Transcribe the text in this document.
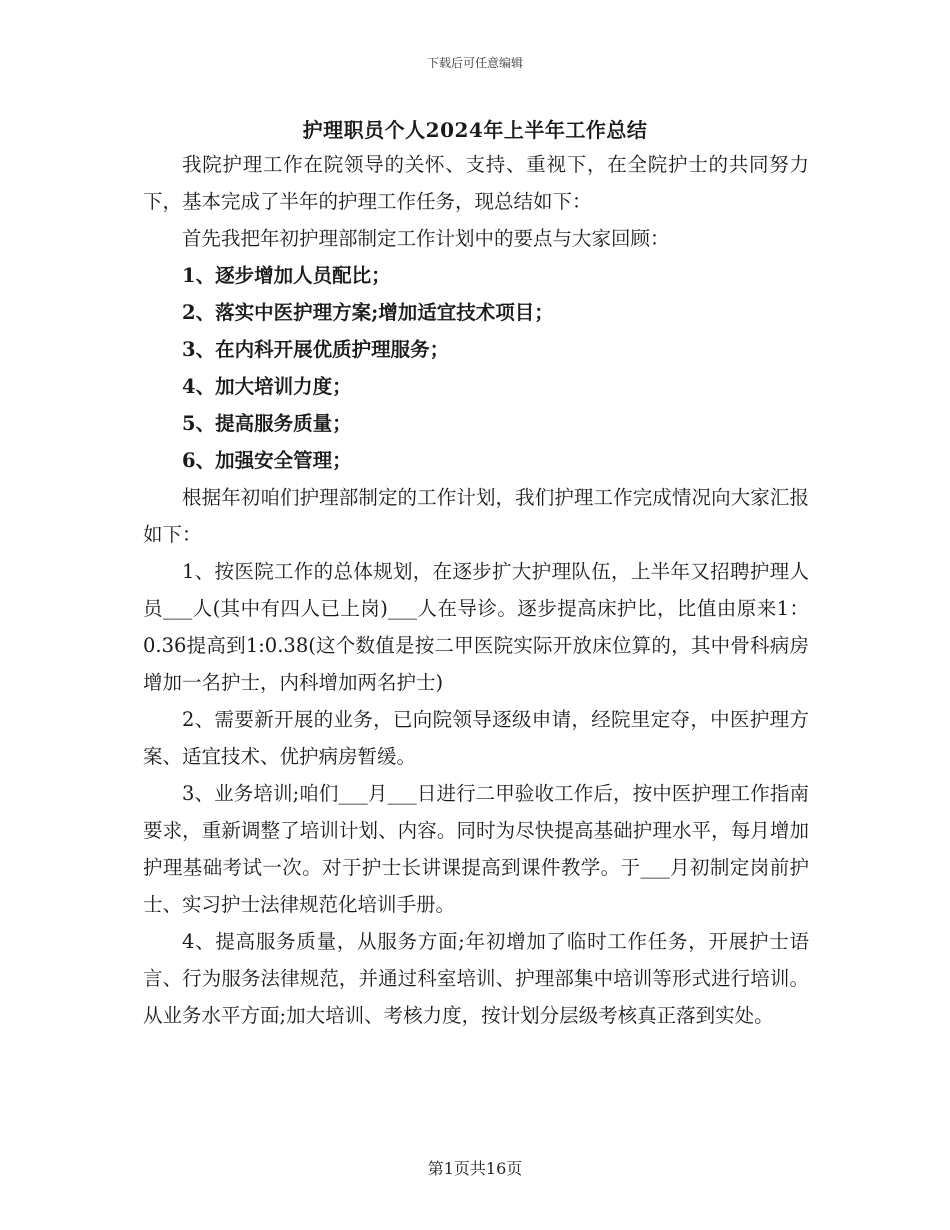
下载后可任意编辑
护理职员个人2024年上半年工作总结

我院护理工作在院领导的关怀、支持、重视下，在全院护士的共同努力下，基本完成了半年的护理工作任务，现总结如下：

首先我把年初护理部制定工作计划中的要点与大家回顾：

1、逐步增加人员配比；

2、落实中医护理方案;增加适宜技术项目；

3、在内科开展优质护理服务；

4、加大培训力度；

5、提高服务质量；

6、加强安全管理；

根据年初咱们护理部制定的工作计划，我们护理工作完成情况向大家汇报如下：

1、按医院工作的总体规划，在逐步扩大护理队伍，上半年又招聘护理人员___人(其中有四人已上岗)___人在导诊。逐步提高床护比，比值由原来1：0.36提高到1:0.38(这个数值是按二甲医院实际开放床位算的，其中骨科病房增加一名护士，内科增加两名护士)

2、需要新开展的业务，已向院领导逐级申请，经院里定夺，中医护理方案、适宜技术、优护病房暂缓。

3、业务培训;咱们___月___日进行二甲验收工作后，按中医护理工作指南要求，重新调整了培训计划、内容。同时为尽快提高基础护理水平，每月增加护理基础考试一次。对于护士长讲课提高到课件教学。于___月初制定岗前护士、实习护士法律规范化培训手册。

4、提高服务质量，从服务方面;年初增加了临时工作任务，开展护士语言、行为服务法律规范，并通过科室培训、护理部集中培训等形式进行培训。从业务水平方面;加大培训、考核力度，按计划分层级考核真正落到实处。

第1页共16页
